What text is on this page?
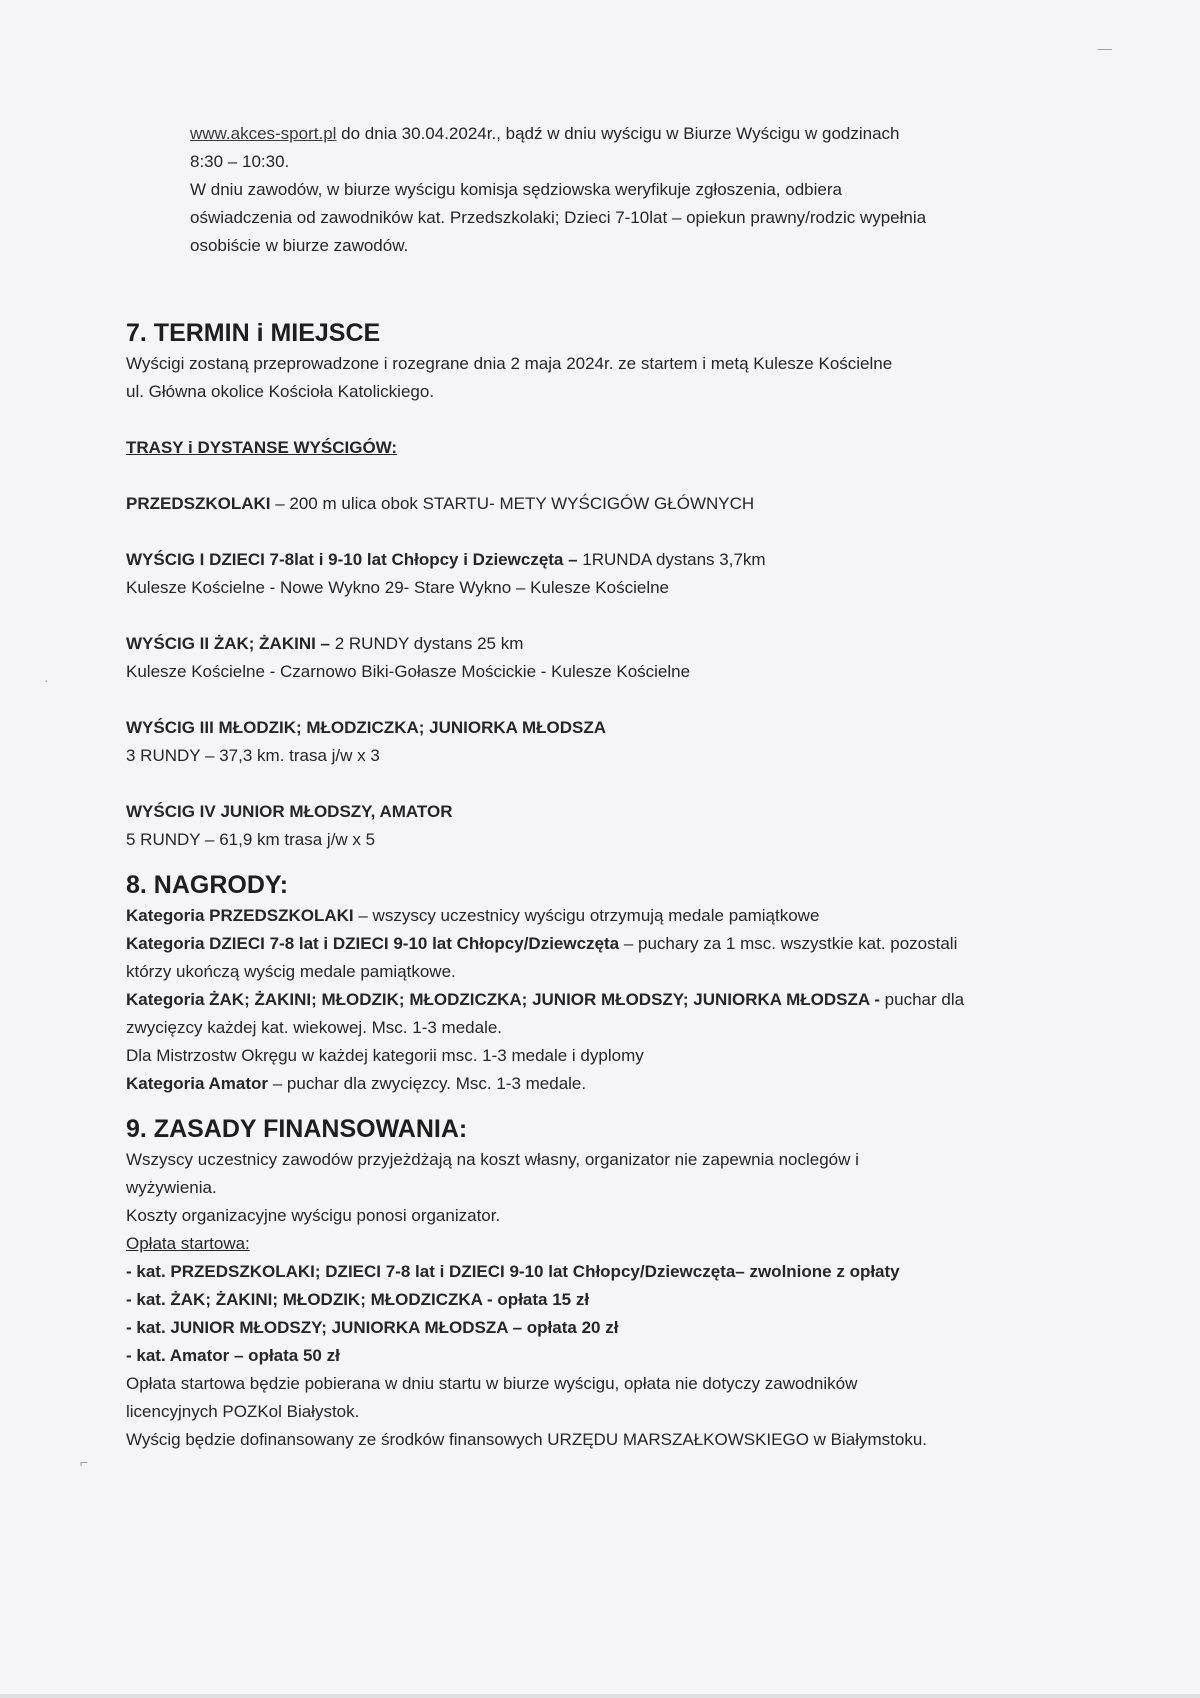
—
·
⌐

www.akces-sport.pl do dnia 30.04.2024r., bądź w dniu wyścigu w Biurze Wyścigu w godzinach

8:30 – 10:30.

W dniu zawodów, w biurze wyścigu komisja sędziowska weryfikuje zgłoszenia, odbiera

oświadczenia od zawodników kat. Przedszkolaki; Dzieci 7-10lat – opiekun prawny/rodzic wypełnia

osobiście w biurze zawodów.

7. TERMIN i MIEJSCE

Wyścigi zostaną przeprowadzone i rozegrane dnia 2 maja 2024r. ze startem i metą Kulesze Kościelne

ul. Główna okolice Kościoła Katolickiego.

TRASY i DYSTANSE WYŚCIGÓW:

PRZEDSZKOLAKI – 200 m ulica obok STARTU- METY WYŚCIGÓW GŁÓWNYCH

WYŚCIG I DZIECI 7-8lat i 9-10 lat Chłopcy i Dziewczęta – 1RUNDA dystans 3,7km

Kulesze Kościelne - Nowe Wykno 29- Stare Wykno – Kulesze Kościelne

WYŚCIG II ŻAK; ŻAKINI – 2 RUNDY dystans 25 km

Kulesze Kościelne - Czarnowo Biki-Gołasze Mościckie - Kulesze Kościelne

WYŚCIG III MŁODZIK; MŁODZICZKA; JUNIORKA MŁODSZA

3 RUNDY – 37,3 km. trasa j/w x 3

WYŚCIG IV JUNIOR MŁODSZY, AMATOR

5 RUNDY – 61,9 km trasa j/w x 5

8. NAGRODY:

Kategoria PRZEDSZKOLAKI – wszyscy uczestnicy wyścigu otrzymują medale pamiątkowe

Kategoria DZIECI 7-8 lat i DZIECI 9-10 lat Chłopcy/Dziewczęta – puchary za 1 msc. wszystkie kat. pozostali

którzy ukończą wyścig medale pamiątkowe.

Kategoria ŻAK; ŻAKINI; MŁODZIK; MŁODZICZKA; JUNIOR MŁODSZY; JUNIORKA MŁODSZA - puchar dla

zwycięzcy każdej kat. wiekowej. Msc. 1-3 medale.

Dla Mistrzostw Okręgu w każdej kategorii msc. 1-3 medale i dyplomy

Kategoria Amator – puchar dla zwycięzcy. Msc. 1-3 medale.

9. ZASADY FINANSOWANIA:

Wszyscy uczestnicy zawodów przyjeżdżają na koszt własny, organizator nie zapewnia noclegów i

wyżywienia.

Koszty organizacyjne wyścigu ponosi organizator.

Opłata startowa:

- kat. PRZEDSZKOLAKI; DZIECI 7-8 lat i DZIECI 9-10 lat Chłopcy/Dziewczęta– zwolnione z opłaty

- kat. ŻAK; ŻAKINI; MŁODZIK; MŁODZICZKA - opłata 15 zł

- kat. JUNIOR MŁODSZY; JUNIORKA MŁODSZA – opłata 20 zł

- kat. Amator – opłata 50 zł

Opłata startowa będzie pobierana w dniu startu w biurze wyścigu, opłata nie dotyczy zawodników

licencyjnych POZKol Białystok.

Wyścig będzie dofinansowany ze środków finansowych URZĘDU MARSZAŁKOWSKIEGO w Białymstoku.
